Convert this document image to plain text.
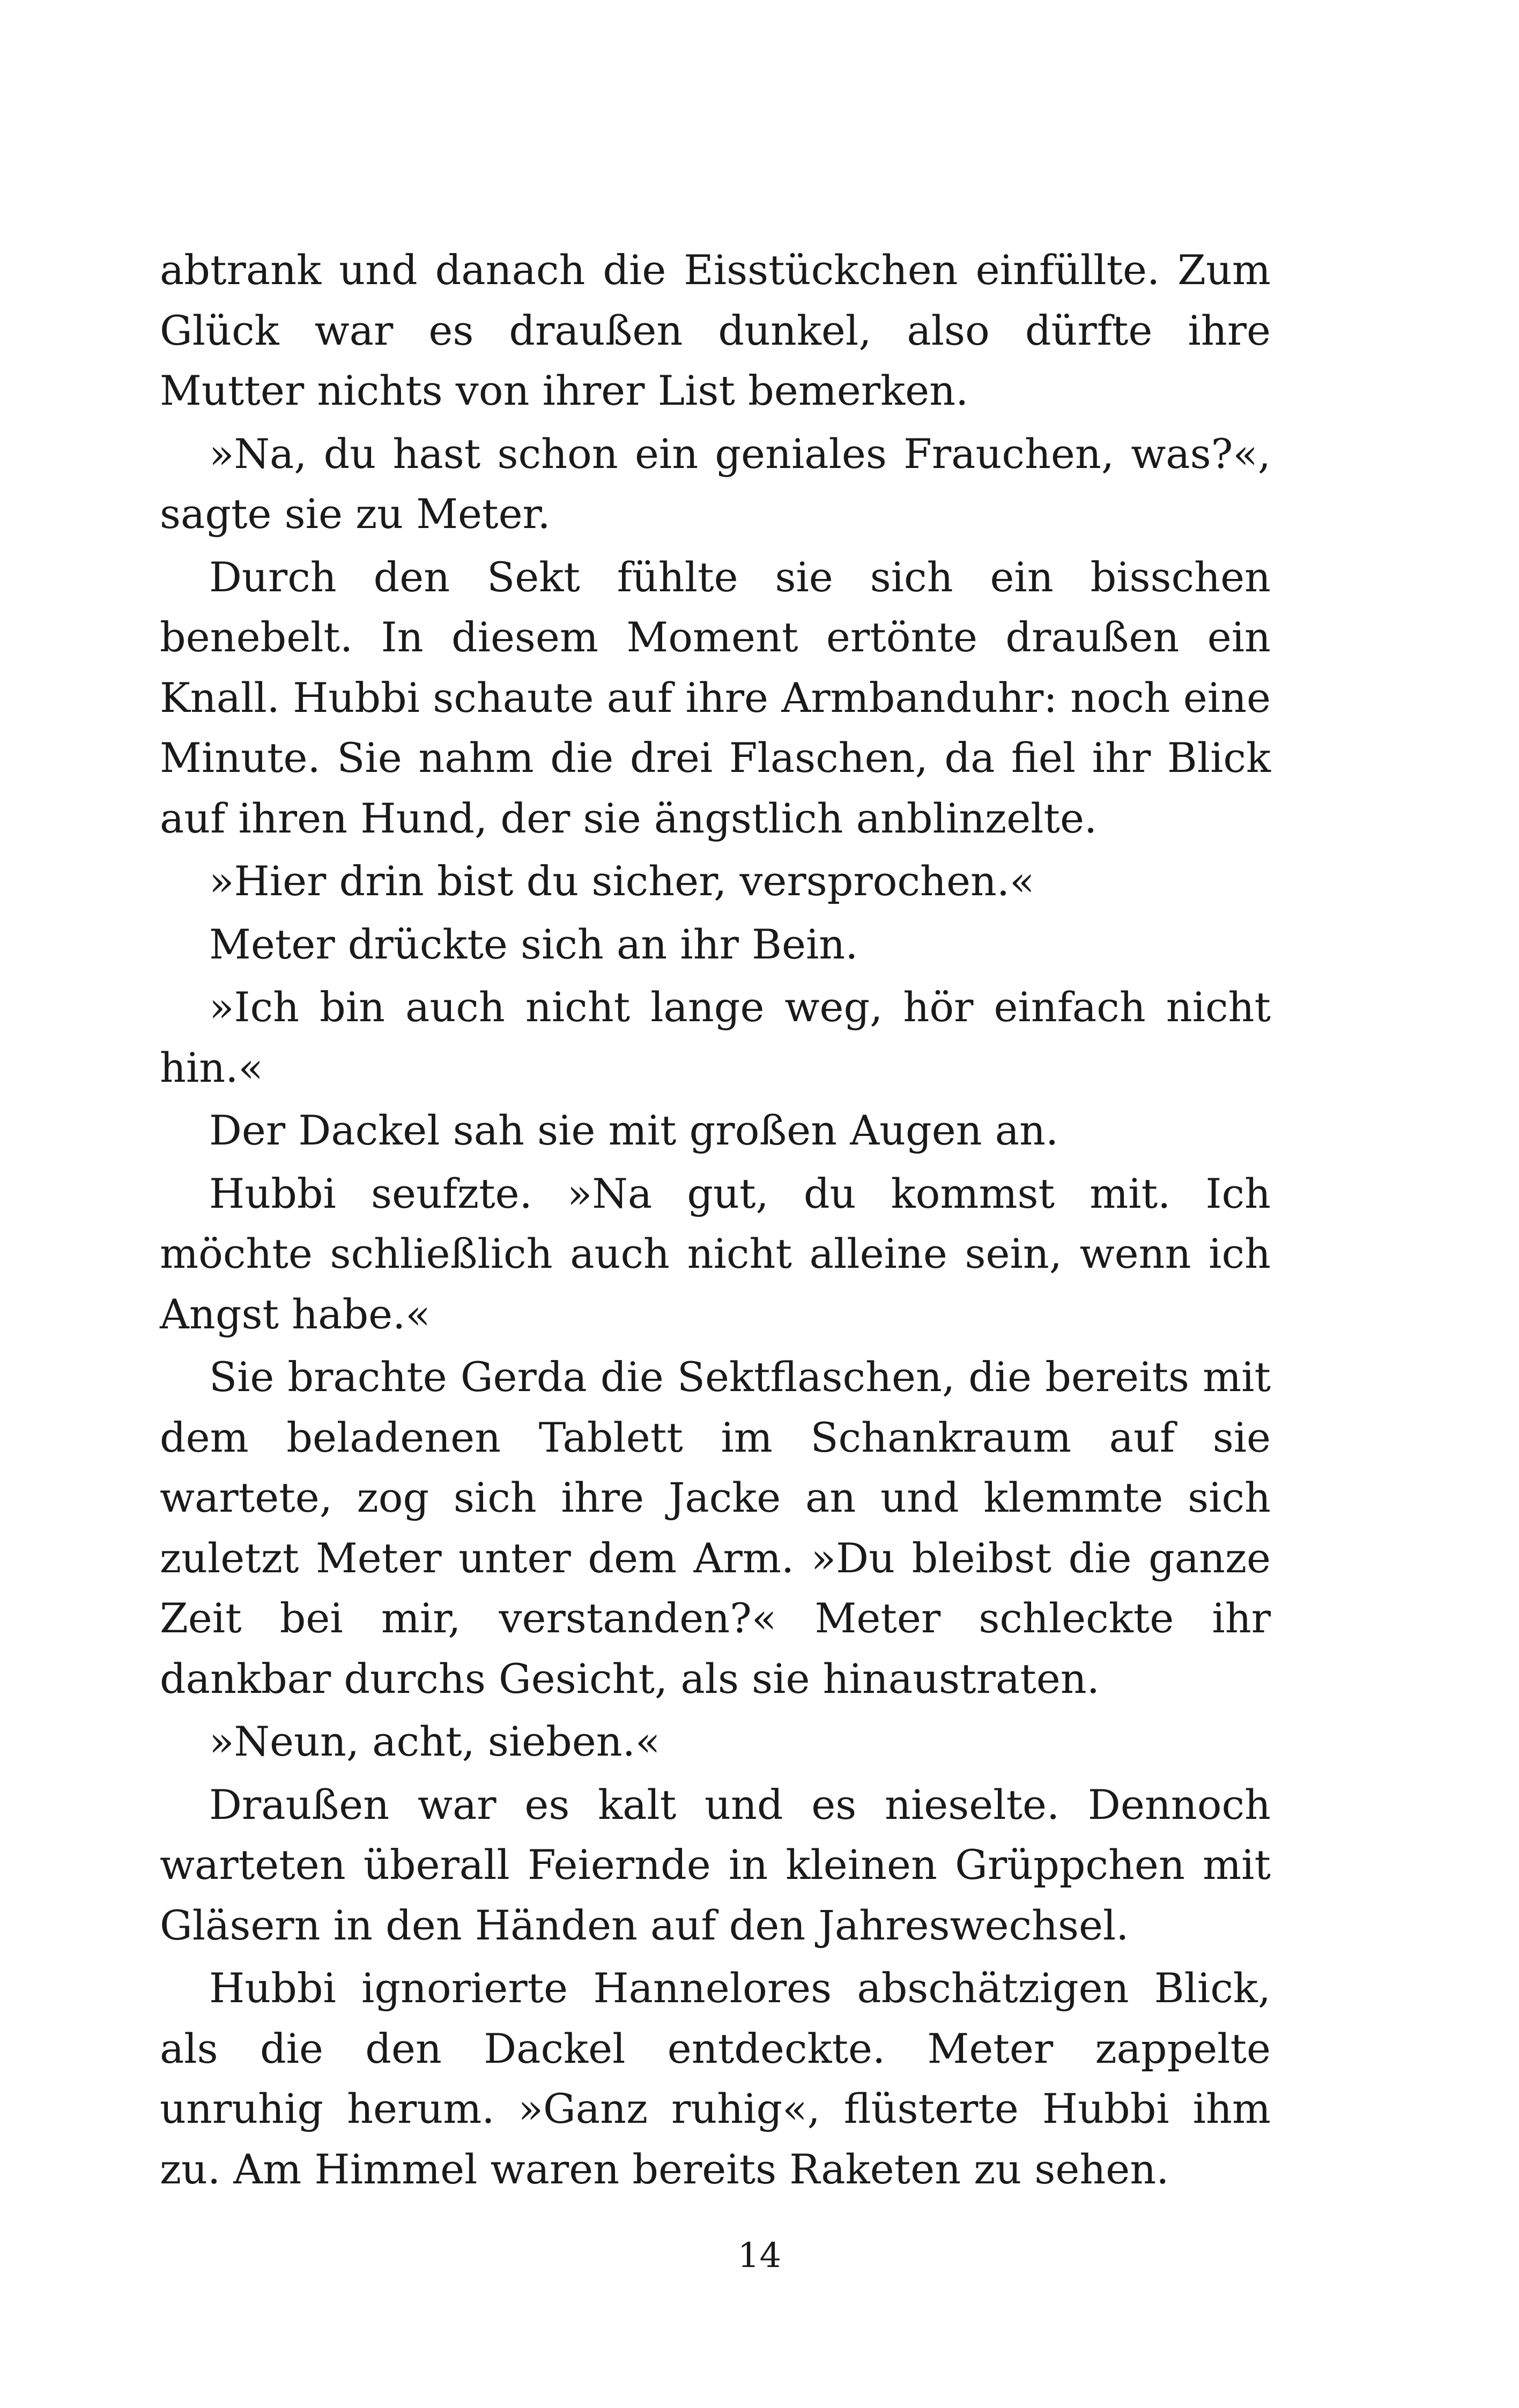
abtrank und danach die Eisstückchen einfüllte. Zum Glück war es draußen dunkel, also dürfte ihre Mutter nichts von ihrer List bemerken.

»Na, du hast schon ein geniales Frauchen, was?«, sagte sie zu Meter.

Durch den Sekt fühlte sie sich ein bisschen benebelt. In diesem Moment ertönte draußen ein Knall. Hubbi schaute auf ihre Armbanduhr: noch eine Minute. Sie nahm die drei Flaschen, da fiel ihr Blick auf ihren Hund, der sie ängstlich anblinzelte.

»Hier drin bist du sicher, versprochen.«

Meter drückte sich an ihr Bein.

»Ich bin auch nicht lange weg, hör einfach nicht hin.«

Der Dackel sah sie mit großen Augen an.

Hubbi seufzte. »Na gut, du kommst mit. Ich möchte schließlich auch nicht alleine sein, wenn ich Angst habe.«

Sie brachte Gerda die Sektflaschen, die bereits mit dem beladenen Tablett im Schankraum auf sie wartete, zog sich ihre Jacke an und klemmte sich zuletzt Meter unter dem Arm. »Du bleibst die ganze Zeit bei mir, verstanden?« Meter schleckte ihr dankbar durchs Gesicht, als sie hinaustraten.

»Neun, acht, sieben.«

Draußen war es kalt und es nieselte. Dennoch warteten überall Feiernde in kleinen Grüppchen mit Gläsern in den Händen auf den Jahreswechsel.

Hubbi ignorierte Hannelores abschätzigen Blick, als die den Dackel entdeckte. Meter zappelte unruhig herum. »Ganz ruhig«, flüsterte Hubbi ihm zu. Am Himmel waren bereits Raketen zu sehen.

14
